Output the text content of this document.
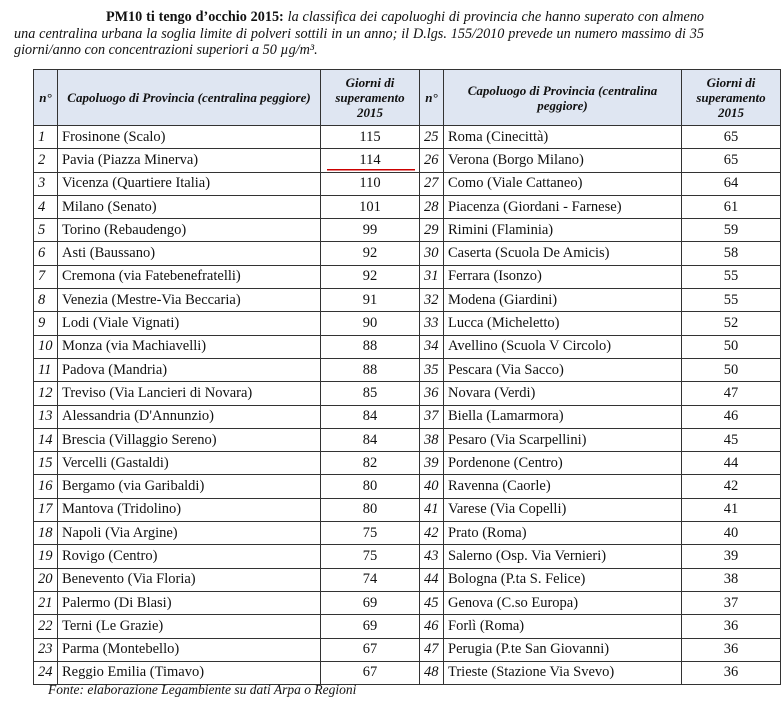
PM10 ti tengo d’occhio 2015: la classifica dei capoluoghi di provincia che hanno superato con almeno una centralina urbana la soglia limite di polveri sottili in un anno; il D.lgs. 155/2010 prevede un numero massimo di 35 giorni/anno con concentrazioni superiori a 50 µg/m³.
n°	Capoluogo di Provincia (centralina peggiore)	Giorni di superamento 2015	n°	Capoluogo di Provincia (centralina peggiore)	Giorni di superamento 2015
1	Frosinone (Scalo)	115	25	Roma (Cinecittà)	65
2	Pavia (Piazza Minerva)	114	26	Verona (Borgo Milano)	65
3	Vicenza (Quartiere Italia)	110	27	Como (Viale Cattaneo)	64
4	Milano (Senato)	101	28	Piacenza (Giordani - Farnese)	61
5	Torino (Rebaudengo)	99	29	Rimini (Flaminia)	59
6	Asti (Baussano)	92	30	Caserta (Scuola De Amicis)	58
7	Cremona (via Fatebenefratelli)	92	31	Ferrara (Isonzo)	55
8	Venezia (Mestre-Via Beccaria)	91	32	Modena (Giardini)	55
9	Lodi (Viale Vignati)	90	33	Lucca (Micheletto)	52
10	Monza (via Machiavelli)	88	34	Avellino (Scuola V Circolo)	50
11	Padova (Mandria)	88	35	Pescara (Via Sacco)	50
12	Treviso (Via Lancieri di Novara)	85	36	Novara (Verdi)	47
13	Alessandria (D'Annunzio)	84	37	Biella (Lamarmora)	46
14	Brescia (Villaggio Sereno)	84	38	Pesaro (Via Scarpellini)	45
15	Vercelli (Gastaldi)	82	39	Pordenone (Centro)	44
16	Bergamo (via Garibaldi)	80	40	Ravenna (Caorle)	42
17	Mantova (Tridolino)	80	41	Varese (Via Copelli)	41
18	Napoli (Via Argine)	75	42	Prato (Roma)	40
19	Rovigo (Centro)	75	43	Salerno (Osp. Via Vernieri)	39
20	Benevento (Via Floria)	74	44	Bologna (P.ta S. Felice)	38
21	Palermo (Di Blasi)	69	45	Genova (C.so Europa)	37
22	Terni (Le Grazie)	69	46	Forlì (Roma)	36
23	Parma (Montebello)	67	47	Perugia (P.te San Giovanni)	36
24	Reggio Emilia (Timavo)	67	48	Trieste (Stazione Via Svevo)	36
Fonte: elaborazione Legambiente su dati Arpa o Regioni
